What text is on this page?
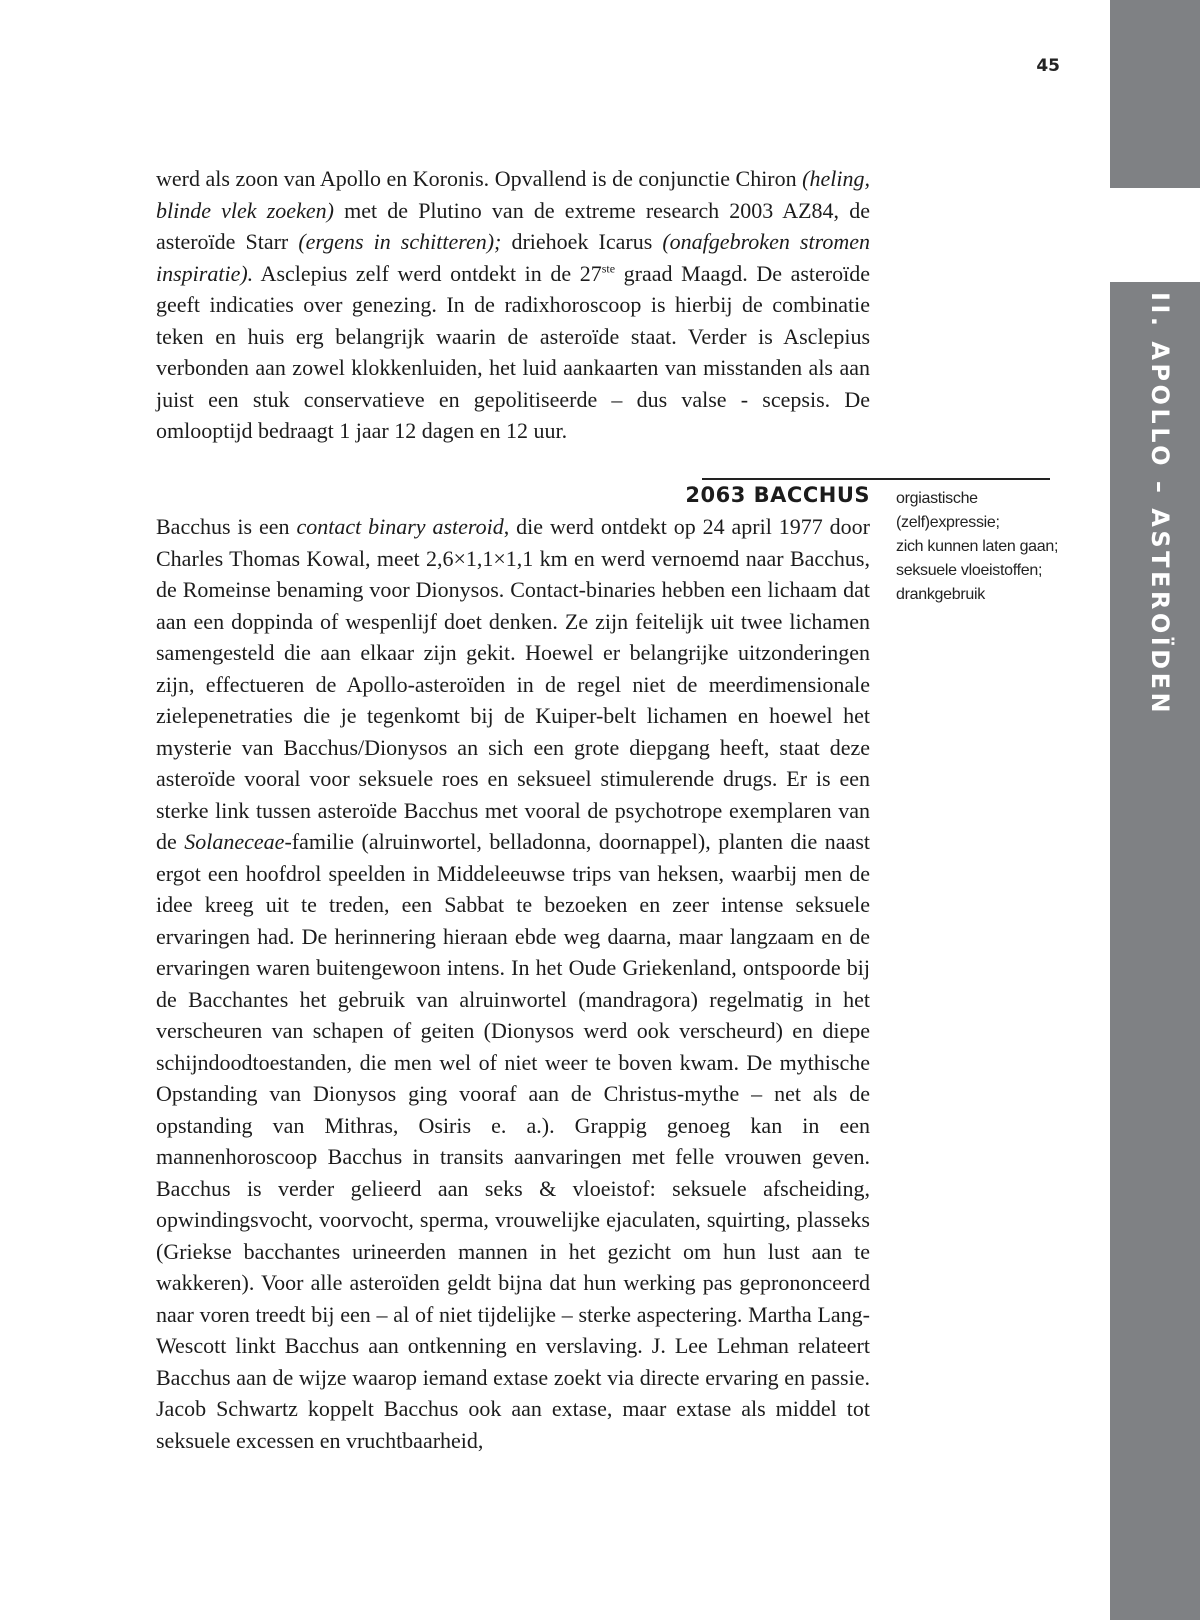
II. APOLLO – ASTEROÏDEN
45

werd als zoon van Apollo en Koronis. Opvallend is de conjunctie Chiron (heling, blinde vlek zoeken) met de Plutino van de extreme research 2003 AZ84, de asteroïde Starr (ergens in schitteren); driehoek Icarus (onafgebroken stromen inspiratie). Asclepius zelf werd ontdekt in de 27ste graad Maagd. De asteroïde geeft indicaties over genezing. In de radixhoroscoop is hierbij de combinatie teken en huis erg belangrijk waarin de asteroïde staat. Verder is Asclepius verbonden aan zowel klokkenluiden, het luid aankaarten van misstanden als aan juist een stuk conservatieve en gepolitiseerde – dus valse - scepsis. De omlooptijd bedraagt 1 jaar 12 dagen en 12 uur.

2063 BACCHUS orgiastische
(zelf)expressie;
zich kunnen laten gaan;
seksuele vloeistoffen;
drankgebruik

Bacchus is een contact binary asteroid, die werd ontdekt op 24 april 1977 door Charles Thomas Kowal, meet 2,6×1,1×1,1 km en werd vernoemd naar Bacchus, de Romeinse benaming voor Dionysos. Contact-binaries hebben een lichaam dat aan een doppinda of wespenlijf doet denken. Ze zijn feitelijk uit twee lichamen samengesteld die aan elkaar zijn gekit. Hoewel er belangrijke uitzonderingen zijn, effectueren de Apollo-asteroïden in de regel niet de meerdimensionale zielepenetraties die je tegenkomt bij de Kuiper-belt lichamen en hoewel het mysterie van Bacchus/Dionysos an sich een grote diepgang heeft, staat deze asteroïde vooral voor seksuele roes en seksueel stimulerende drugs. Er is een sterke link tussen asteroïde Bacchus met vooral de psychotrope exemplaren van de Solaneceae-familie (alruinwortel, belladonna, doornappel), planten die naast ergot een hoofdrol speelden in Middeleeuwse trips van heksen, waarbij men de idee kreeg uit te treden, een Sabbat te bezoeken en zeer intense seksuele ervaringen had. De herinnering hieraan ebde weg daarna, maar langzaam en de ervaringen waren buitengewoon intens. In het Oude Griekenland, ontspoorde bij de Bacchantes het gebruik van alruinwortel (mandragora) regelmatig in het verscheuren van schapen of geiten (Dionysos werd ook verscheurd) en diepe schijndoodtoestanden, die men wel of niet weer te boven kwam. De mythische Opstanding van Dionysos ging vooraf aan de Christus-mythe – net als de opstanding van Mithras, Osiris e. a.). Grappig genoeg kan in een mannenhoroscoop Bacchus in transits aanvaringen met felle vrouwen geven. Bacchus is verder gelieerd aan seks & vloeistof: seksuele afscheiding, opwindingsvocht, voorvocht, sperma, vrouwelijke ejaculaten, squirting, plasseks (Griekse bacchantes urineerden mannen in het gezicht om hun lust aan te wakkeren). Voor alle asteroïden geldt bijna dat hun werking pas geprononceerd naar voren treedt bij een – al of niet tijdelijke – sterke aspectering. Martha Lang-Wescott linkt Bacchus aan ontkenning en verslaving. J. Lee Lehman relateert Bacchus aan de wijze waarop iemand extase zoekt via directe ervaring en passie. Jacob Schwartz koppelt Bacchus ook aan extase, maar extase als middel tot seksuele excessen en vruchtbaarheid,
